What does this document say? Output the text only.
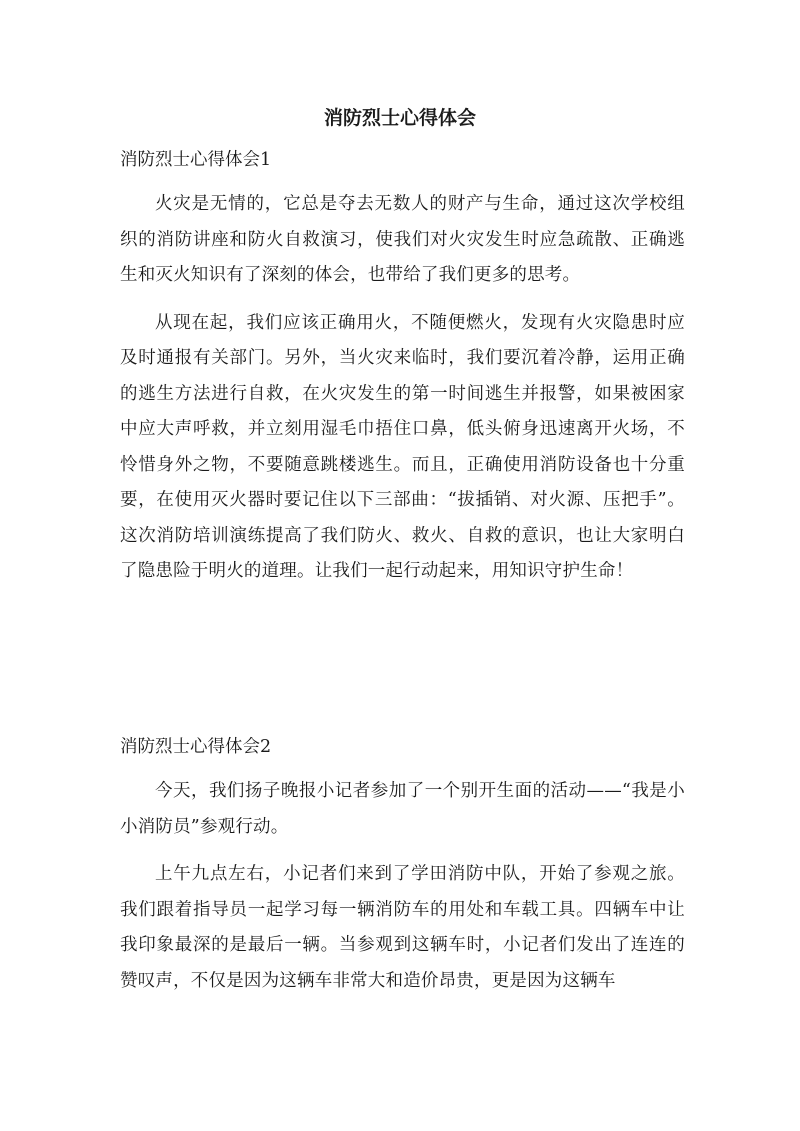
消防烈士心得体会
消防烈士心得体会1

火灾是无情的，它总是夺去无数人的财产与生命，通过这次学校组织的消防讲座和防火自救演习，使我们对火灾发生时应急疏散、正确逃生和灭火知识有了深刻的体会，也带给了我们更多的思考。

从现在起，我们应该正确用火，不随便燃火，发现有火灾隐患时应及时通报有关部门。另外，当火灾来临时，我们要沉着冷静，运用正确的逃生方法进行自救，在火灾发生的第一时间逃生并报警，如果被困家中应大声呼救，并立刻用湿毛巾捂住口鼻，低头俯身迅速离开火场，不怜惜身外之物，不要随意跳楼逃生。而且，正确使用消防设备也十分重要，在使用灭火器时要记住以下三部曲：“拔插销、对火源、压把手”。这次消防培训演练提高了我们防火、救火、自救的意识，也让大家明白了隐患险于明火的道理。让我们一起行动起来，用知识守护生命！

消防烈士心得体会2

今天，我们扬子晚报小记者参加了一个别开生面的活动——“我是小小消防员”参观行动。

上午九点左右，小记者们来到了学田消防中队，开始了参观之旅。我们跟着指导员一起学习每一辆消防车的用处和车载工具。四辆车中让我印象最深的是最后一辆。当参观到这辆车时，小记者们发出了连连的赞叹声，不仅是因为这辆车非常大和造价昂贵，更是因为这辆车
